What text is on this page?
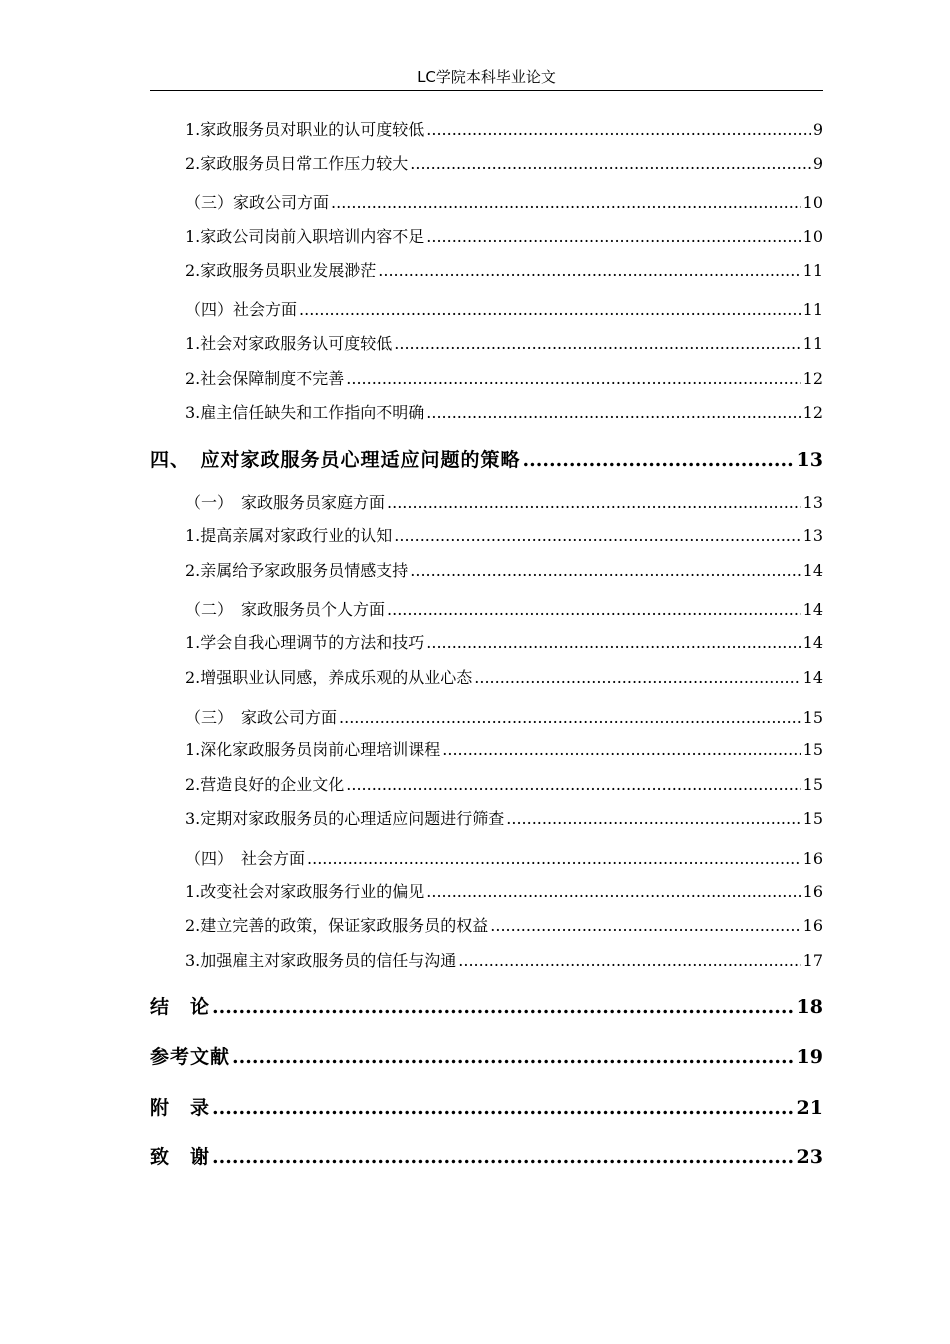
LC学院本科毕业论文
1.家政服务员对职业的认可度较低 .....	9
2.家政服务员日常工作压力较大 .....	9
（三）家政公司方面 .....	10
1.家政公司岗前入职培训内容不足 .....	10
2.家政服务员职业发展渺茫 .....	11
（四）社会方面 .....	11
1.社会对家政服务认可度较低 .....	11
2.社会保障制度不完善 .....	12
3.雇主信任缺失和工作指向不明确 .....	12
四、　应对家政服务员心理适应问题的策略 .....	13
（一）　家政服务员家庭方面 .....	13
1.提高亲属对家政行业的认知 .....	13
2.亲属给予家政服务员情感支持 .....	14
（二）　家政服务员个人方面 .....	14
1.学会自我心理调节的方法和技巧 .....	14
2.增强职业认同感，养成乐观的从业心态 .....	14
（三）　家政公司方面 .....	15
1.深化家政服务员岗前心理培训课程 .....	15
2.营造良好的企业文化 .....	15
3.定期对家政服务员的心理适应问题进行筛查 .....	15
（四）　社会方面 .....	16
1.改变社会对家政服务行业的偏见 .....	16
2.建立完善的政策，保证家政服务员的权益 .....	16
3.加强雇主对家政服务员的信任与沟通 .....	17
结　论 .....	18
参考文献 .....	19
附　录 .....	21
致　谢 .....	23
